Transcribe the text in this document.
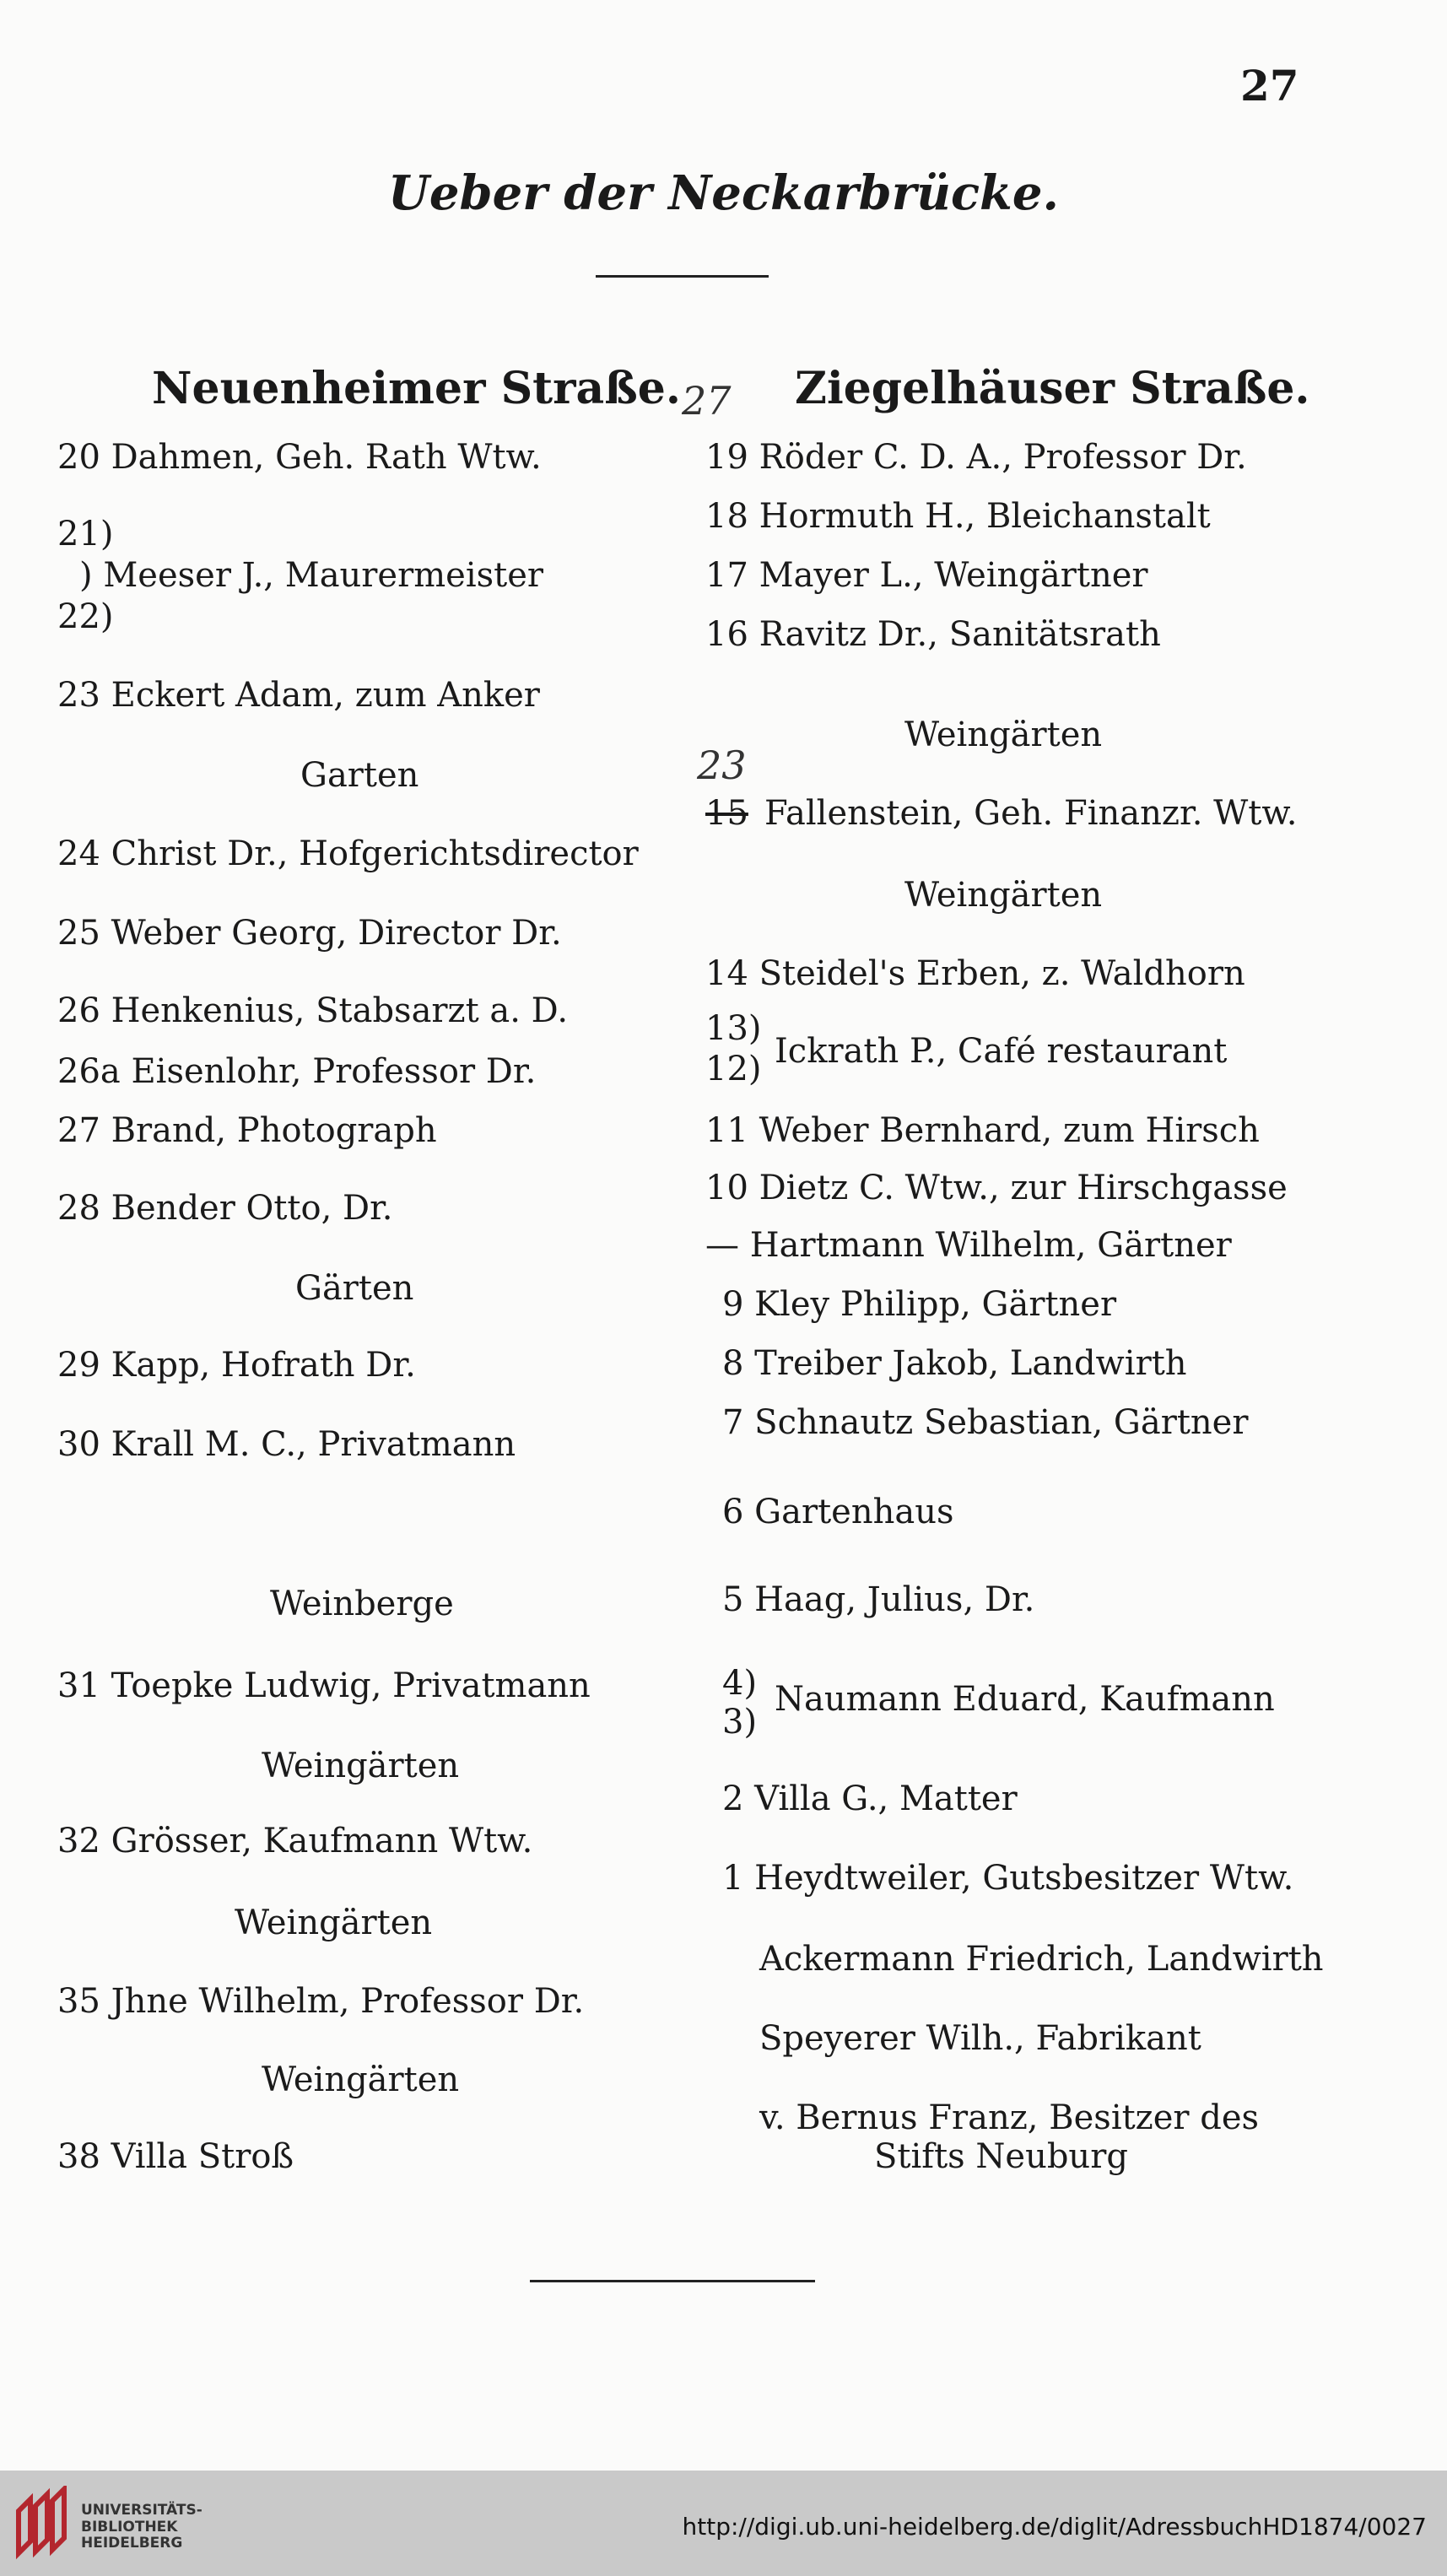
27
Ueber der Neckarbrücke.
Neuenheimer Straße.
20 Dahmen, Geh. Rath Wtw.
21)
) Meeser J., Maurermeister
22)
23 Eckert Adam, zum Anker
Garten
24 Christ Dr., Hofgerichtsdirector
25 Weber Georg, Director Dr.
26 Henkenius, Stabsarzt a. D.
26a Eisenlohr, Professor Dr.
27 Brand, Photograph
28 Bender Otto, Dr.
Gärten
29 Kapp, Hofrath Dr.
30 Krall M. C., Privatmann
Weinberge
31 Toepke Ludwig, Privatmann
Weingärten
32 Grösser, Kaufmann Wtw.
Weingärten
35 Jhne Wilhelm, Professor Dr.
Weingärten
38 Villa Stroß
27 Ziegelhäuser Straße.
19 Röder C. D. A., Professor Dr.
18 Hormuth H., Bleichanstalt
17 Mayer L., Weingärtner
16 Ravitz Dr., Sanitätsrath
Weingärten
23
15 Fallenstein, Geh. Finanzr. Wtw.
Weingärten
14 Steidel's Erben, z. Waldhorn
13)
Ickrath P., Café restaurant
12)
11 Weber Bernhard, zum Hirsch
10 Dietz C. Wtw., zur Hirschgasse
— Hartmann Wilhelm, Gärtner
9 Kley Philipp, Gärtner
8 Treiber Jakob, Landwirth
7 Schnautz Sebastian, Gärtner
6 Gartenhaus
5 Haag, Julius, Dr.
4) Naumann Eduard, Kaufmann
3)
2 Villa G., Matter
1 Heydtweiler, Gutsbesitzer Wtw.
Ackermann Friedrich, Landwirth
Speyerer Wilh., Fabrikant
v. Bernus Franz, Besitzer des
Stifts Neuburg
UNIVERSITÄTS-
BIBLIOTHEK
HEIDELBERG
http://digi.ub.uni-heidelberg.de/diglit/AdressbuchHD1874/0027
